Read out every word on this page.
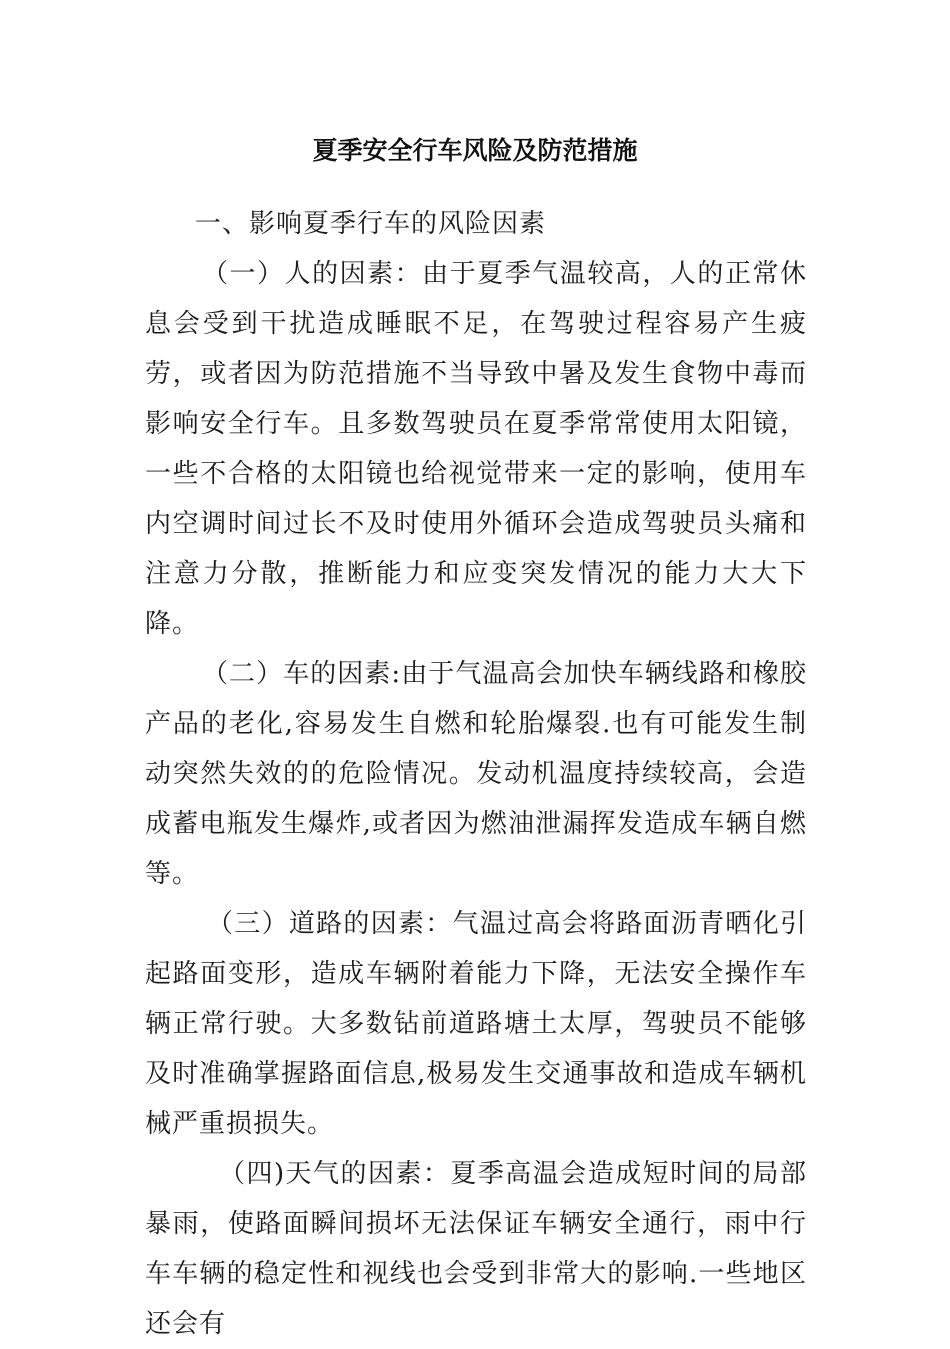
夏季安全行车风险及防范措施

一、影响夏季行车的风险因素

（一）人的因素：由于夏季气温较高，人的正常休息会受到干扰造成睡眠不足，在驾驶过程容易产生疲劳，或者因为防范措施不当导致中暑及发生食物中毒而影响安全行车。且多数驾驶员在夏季常常使用太阳镜，一些不合格的太阳镜也给视觉带来一定的影响，使用车内空调时间过长不及时使用外循环会造成驾驶员头痛和注意力分散，推断能力和应变突发情况的能力大大下降。

（二）车的因素:由于气温高会加快车辆线路和橡胶产品的老化,容易发生自燃和轮胎爆裂.也有可能发生制动突然失效的的危险情况。发动机温度持续较高，会造成蓄电瓶发生爆炸,或者因为燃油泄漏挥发造成车辆自燃等。

（三）道路的因素：气温过高会将路面沥青晒化引起路面变形，造成车辆附着能力下降，无法安全操作车辆正常行驶。大多数钻前道路塘土太厚，驾驶员不能够及时准确掌握路面信息,极易发生交通事故和造成车辆机械严重损损失。

（四)天气的因素：夏季高温会造成短时间的局部暴雨，使路面瞬间损坏无法保证车辆安全通行，雨中行车车辆的稳定性和视线也会受到非常大的影响.一些地区还会有
